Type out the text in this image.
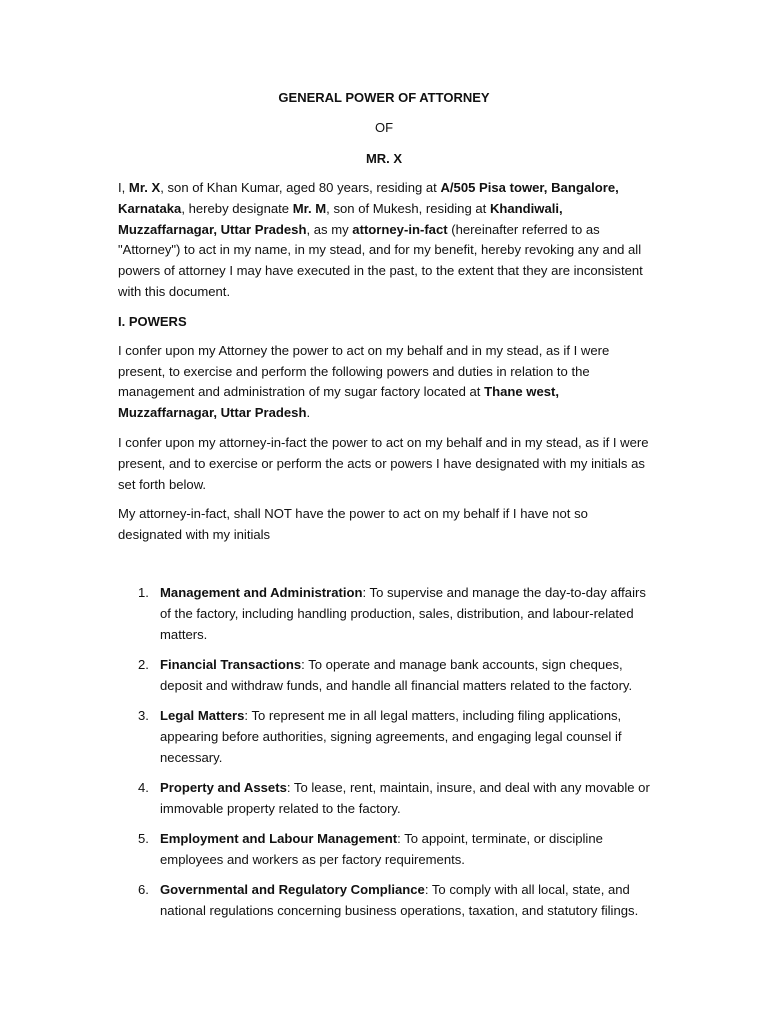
GENERAL POWER OF ATTORNEY

OF

MR. X

I, Mr. X, son of Khan Kumar, aged 80 years, residing at A/505 Pisa tower, Bangalore, Karnataka, hereby designate Mr. M, son of Mukesh, residing at Khandiwali, Muzzaffarnagar, Uttar Pradesh, as my attorney-in-fact (hereinafter referred to as "Attorney") to act in my name, in my stead, and for my benefit, hereby revoking any and all powers of attorney I may have executed in the past, to the extent that they are inconsistent with this document.

I. POWERS

I confer upon my Attorney the power to act on my behalf and in my stead, as if I were present, to exercise and perform the following powers and duties in relation to the management and administration of my sugar factory located at Thane west, Muzzaffarnagar, Uttar Pradesh.

I confer upon my attorney-in-fact the power to act on my behalf and in my stead, as if I were present, and to exercise or perform the acts or powers I have designated with my initials as set forth below.

My attorney-in-fact, shall NOT have the power to act on my behalf if I have not so designated with my initials

1. Management and Administration: To supervise and manage the day-to-day affairs of the factory, including handling production, sales, distribution, and labour-related matters.
2. Financial Transactions: To operate and manage bank accounts, sign cheques, deposit and withdraw funds, and handle all financial matters related to the factory.
3. Legal Matters: To represent me in all legal matters, including filing applications, appearing before authorities, signing agreements, and engaging legal counsel if necessary.
4. Property and Assets: To lease, rent, maintain, insure, and deal with any movable or immovable property related to the factory.
5. Employment and Labour Management: To appoint, terminate, or discipline employees and workers as per factory requirements.
6. Governmental and Regulatory Compliance: To comply with all local, state, and national regulations concerning business operations, taxation, and statutory filings.
